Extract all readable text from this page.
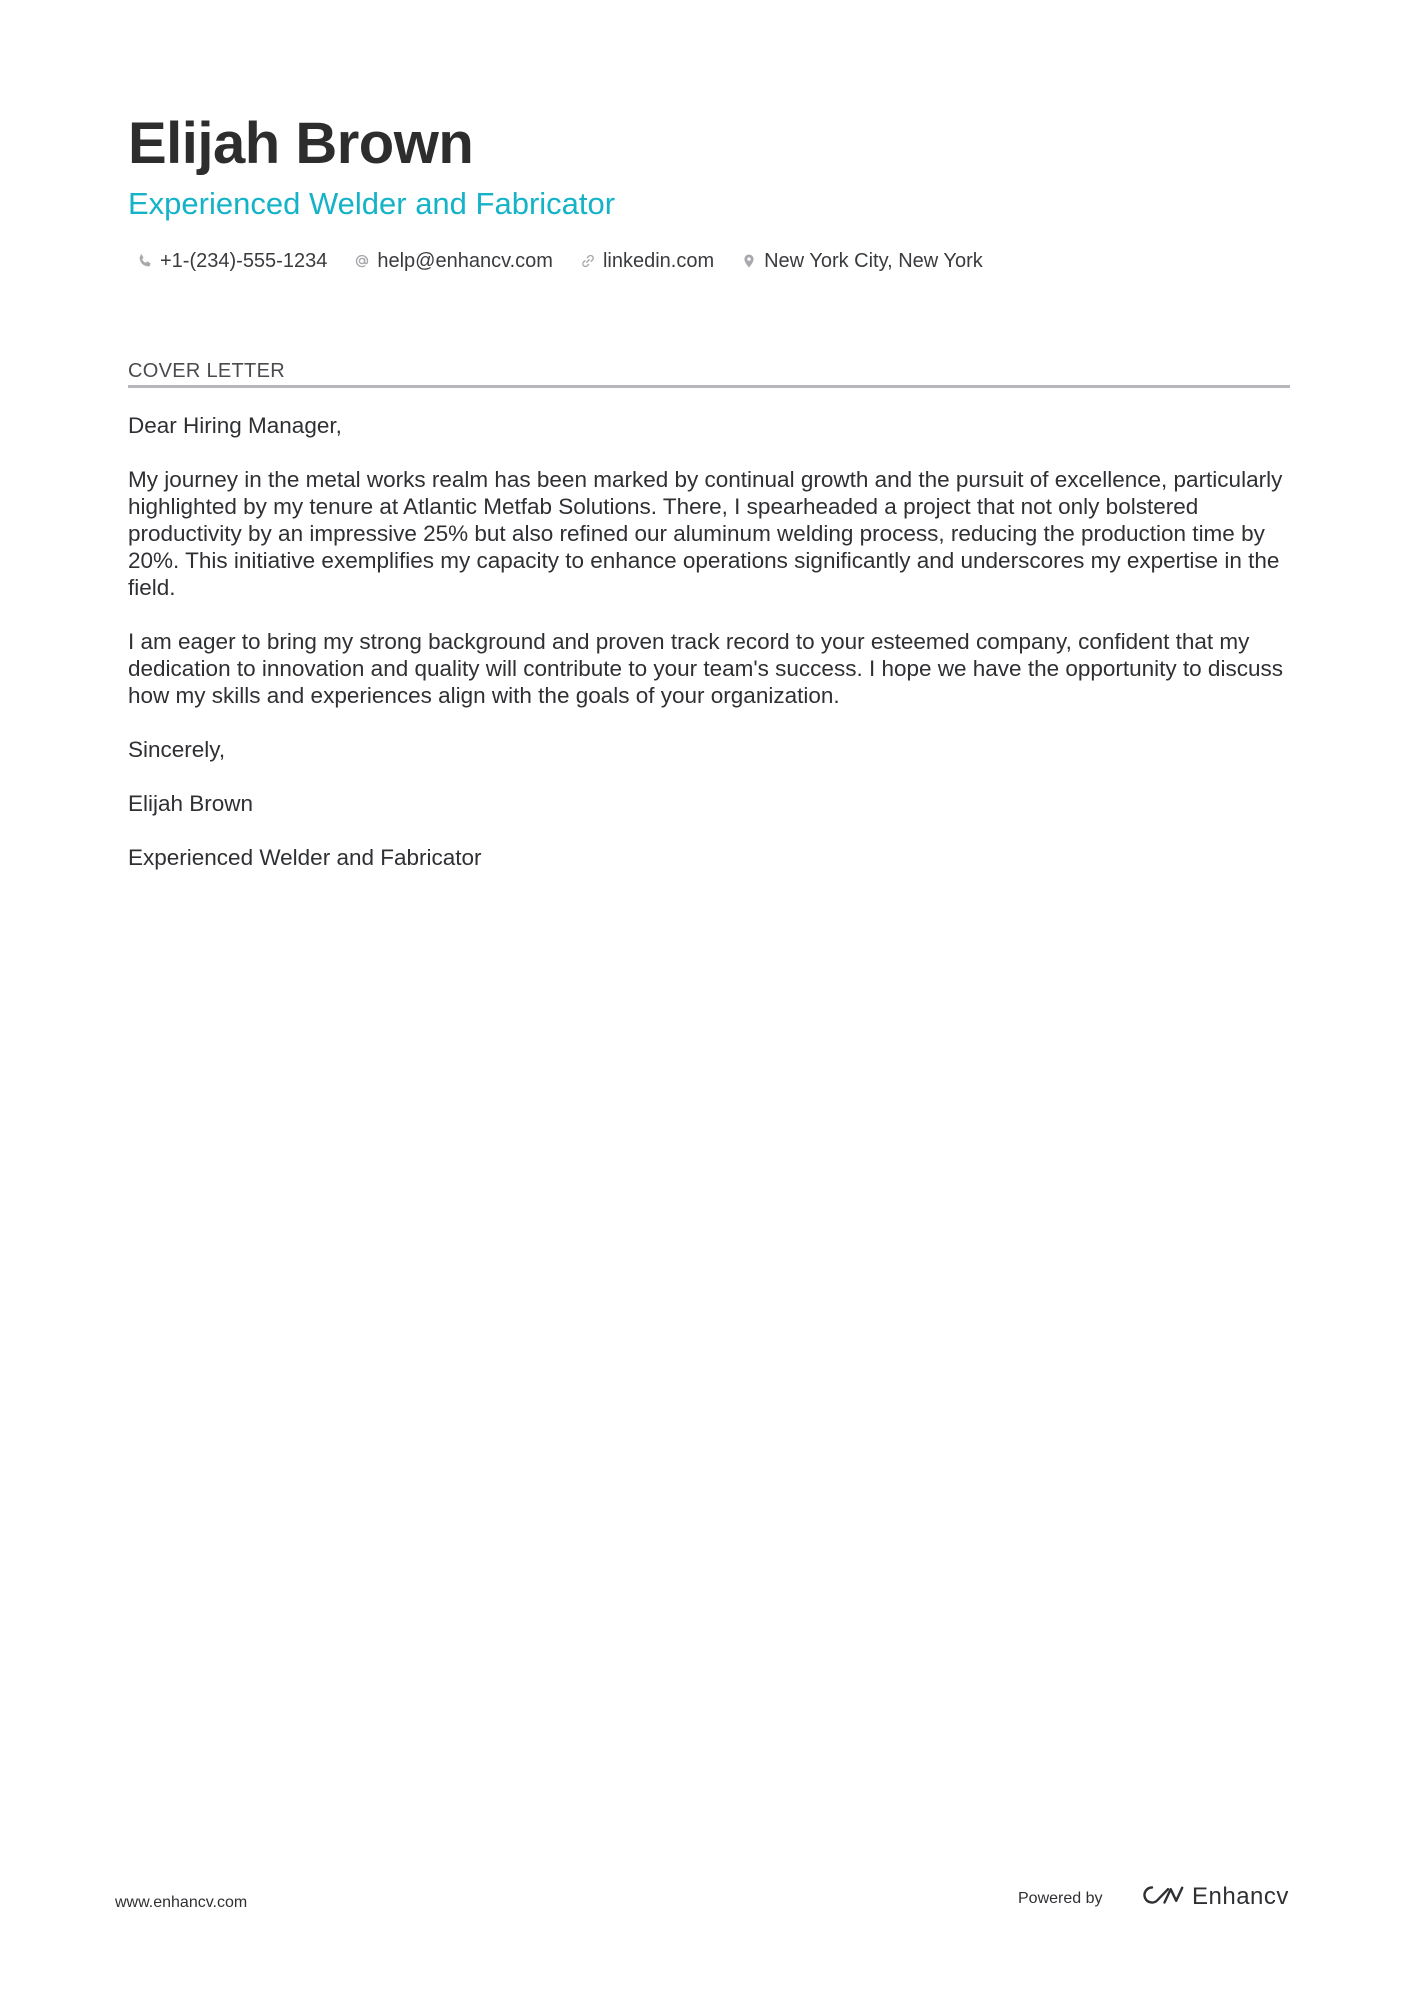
Elijah Brown
Experienced Welder and Fabricator
+1-(234)-555-1234	help@enhancv.com	linkedin.com	New York City, New York
COVER LETTER

Dear Hiring Manager,

My journey in the metal works realm has been marked by continual growth and the pursuit of excellence, particularly highlighted by my tenure at Atlantic Metfab Solutions. There, I spearheaded a project that not only bolstered productivity by an impressive 25% but also refined our aluminum welding process, reducing the production time by 20%. This initiative exemplifies my capacity to enhance operations significantly and underscores my expertise in the field.

I am eager to bring my strong background and proven track record to your esteemed company, confident that my dedication to innovation and quality will contribute to your team's success. I hope we have the opportunity to discuss how my skills and experiences align with the goals of your organization.

Sincerely,

Elijah Brown

Experienced Welder and Fabricator

www.enhancv.com	Powered by	Enhancv
